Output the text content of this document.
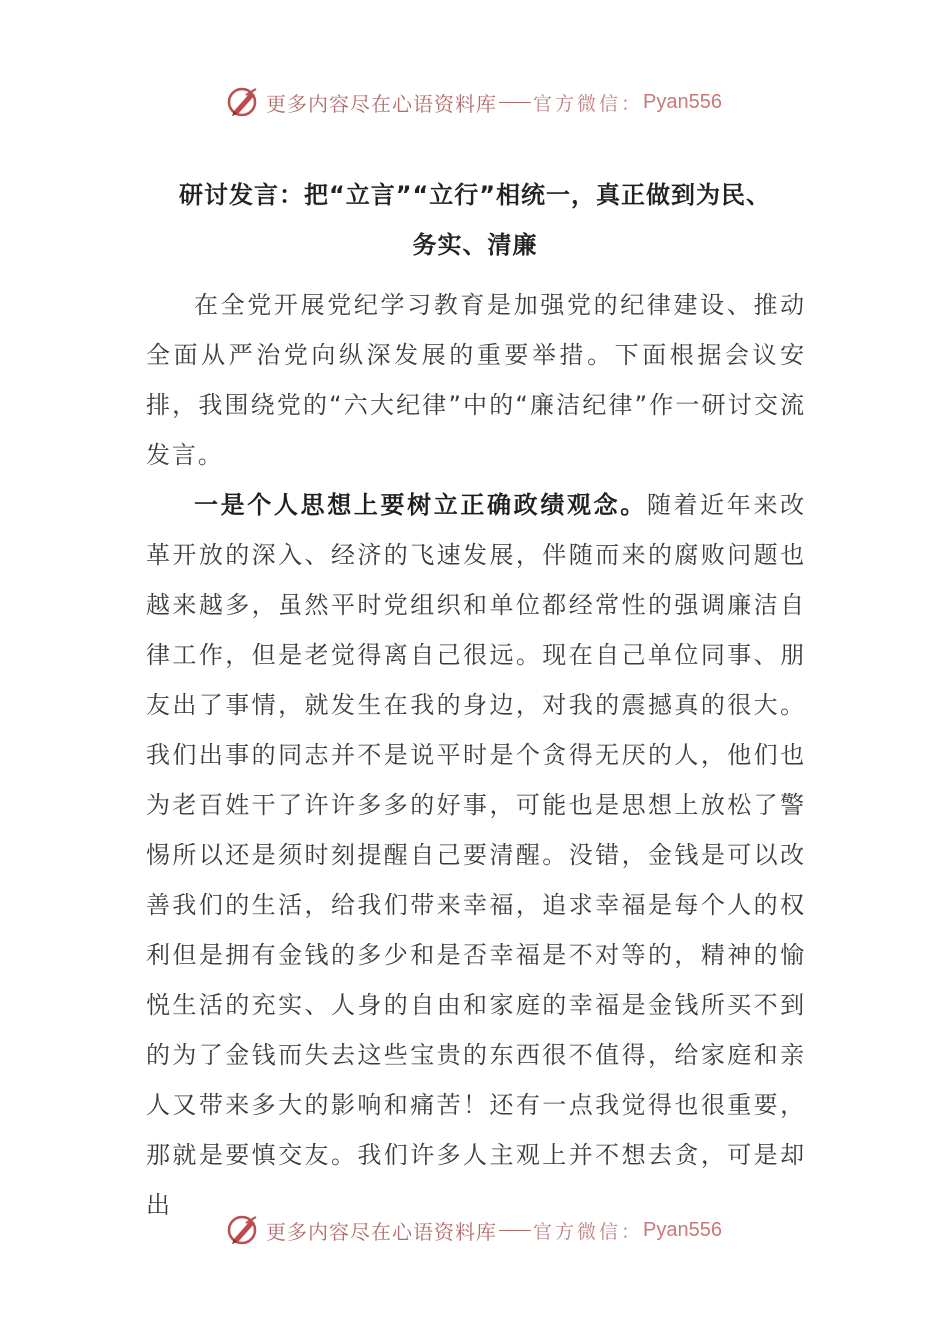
更多内容尽在心语资料库 官方微信： Pyan556
研讨发言：把“立言”“立行”相统一，真正做到为民、
务实、清廉

在全党开展党纪学习教育是加强党的纪律建设、推动全面从严治党向纵深发展的重要举措。下面根据会议安排，我围绕党的“六大纪律”中的“廉洁纪律”作一研讨交流发言。

一是个人思想上要树立正确政绩观念。随着近年来改革开放的深入、经济的飞速发展，伴随而来的腐败问题也越来越多，虽然平时党组织和单位都经常性的强调廉洁自律工作，但是老觉得离自己很远。现在自己单位同事、朋友出了事情，就发生在我的身边，对我的震撼真的很大。我们出事的同志并不是说平时是个贪得无厌的人，他们也为老百姓干了许许多多的好事，可能也是思想上放松了警惕所以还是须时刻提醒自己要清醒。没错，金钱是可以改善我们的生活，给我们带来幸福，追求幸福是每个人的权利但是拥有金钱的多少和是否幸福是不对等的，精神的愉悦生活的充实、人身的自由和家庭的幸福是金钱所买不到的为了金钱而失去这些宝贵的东西很不值得，给家庭和亲人又带来多大的影响和痛苦！还有一点我觉得也很重要，那就是要慎交友。我们许多人主观上并不想去贪，可是却出

更多内容尽在心语资料库 官方微信： Pyan556
